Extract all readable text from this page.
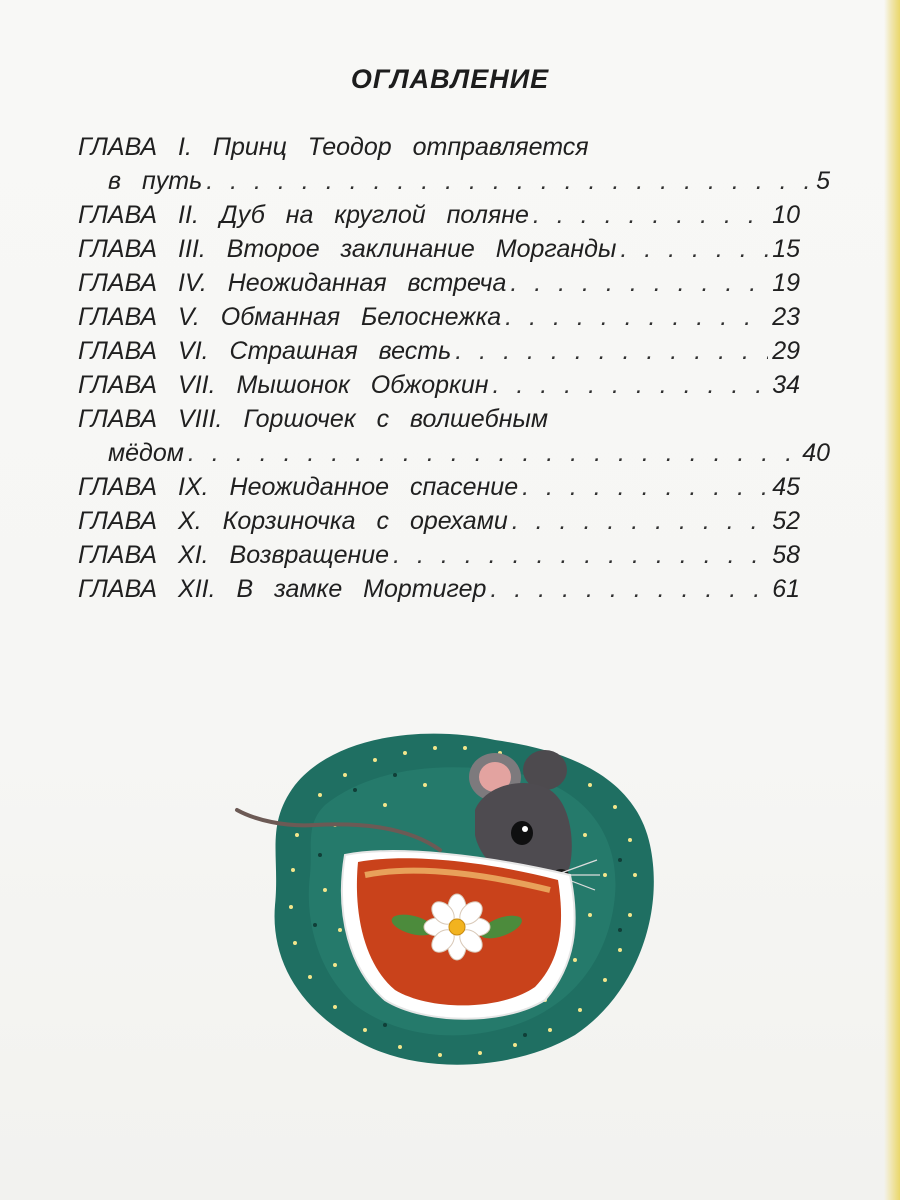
ОГЛАВЛЕНИЕ
ГЛАВА I. Принц Теодор отправляется
в путь . . .	5
ГЛАВА II. Дуб на круглой поляне . . .	10
ГЛАВА III. Второе заклинание Морганды . . .	15
ГЛАВА IV. Неожиданная встреча . . .	19
ГЛАВА V. Обманная Белоснежка . . .	23
ГЛАВА VI. Страшная весть . . .	29
ГЛАВА VII. Мышонок Обжоркин . . .	34
ГЛАВА VIII. Горшочек с волшебным
мёдом . . .	40
ГЛАВА IX. Неожиданное спасение . . .	45
ГЛАВА X. Корзиночка с орехами . . .	52
ГЛАВА XI. Возвращение . . .	58
ГЛАВА XII. В замке Мортигер . . .	61
